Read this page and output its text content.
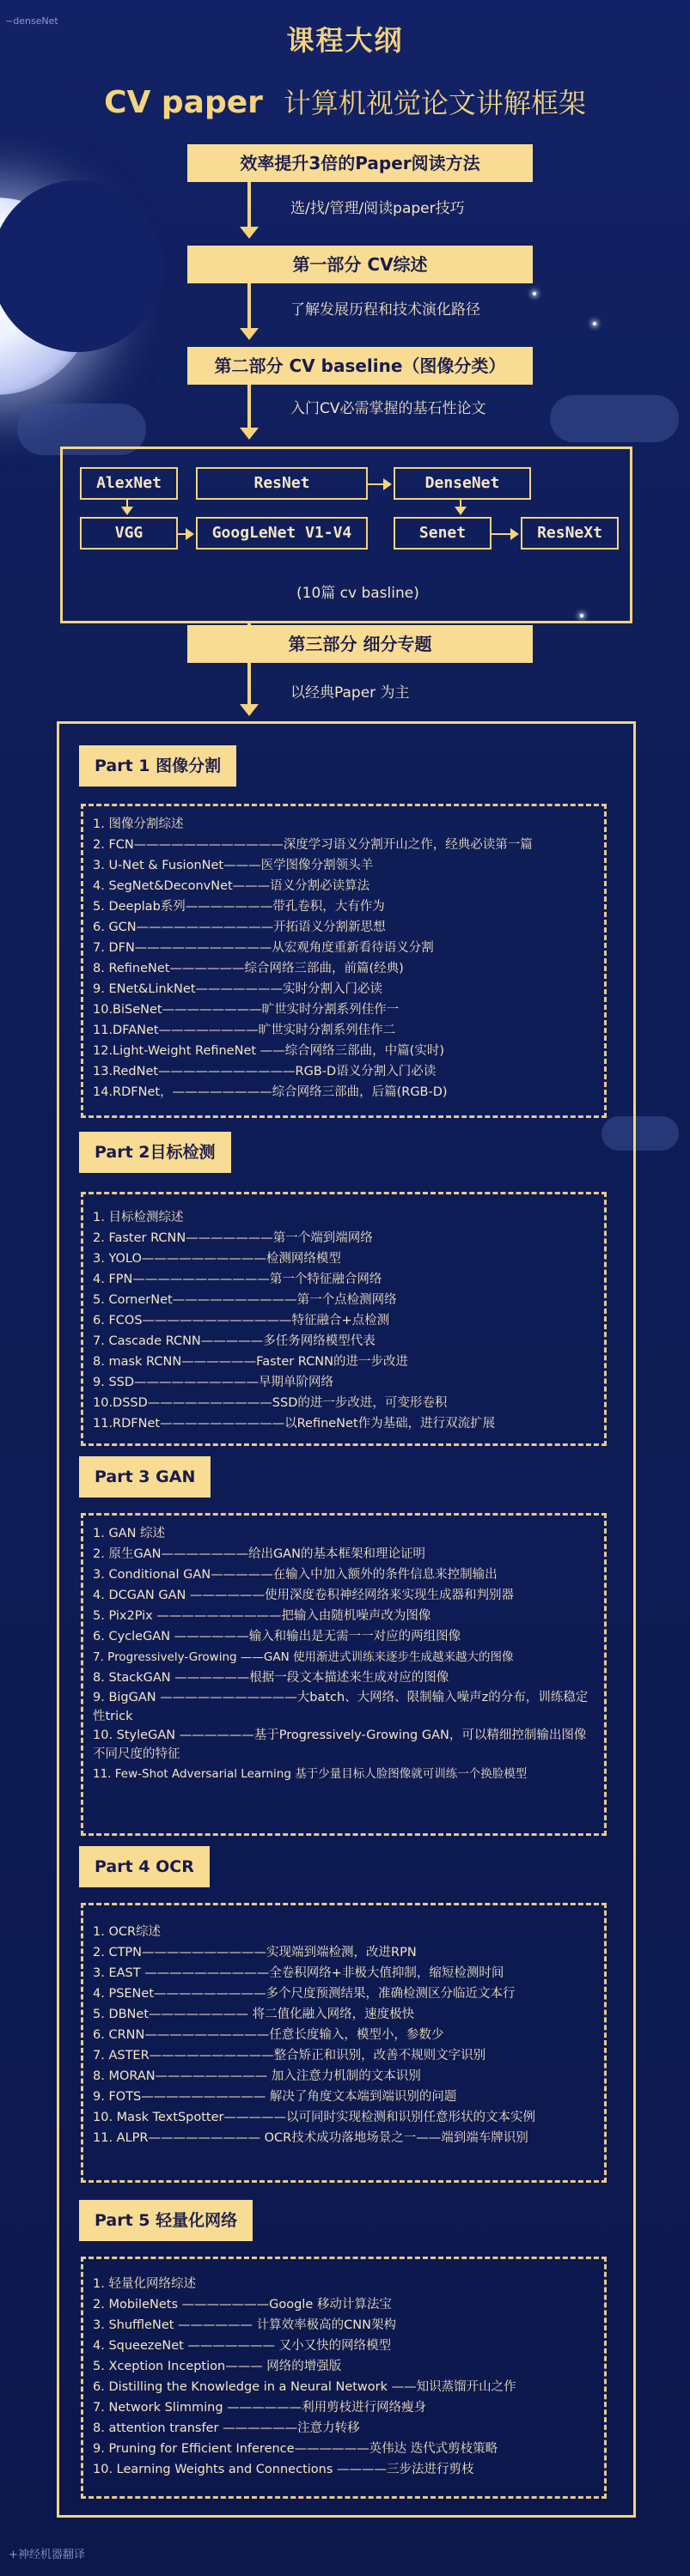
~denseNet
课程大纲
CV paper 计算机视觉论文讲解框架
效率提升3倍的Paper阅读方法
选/找/管理/阅读paper技巧
第一部分 CV综述
了解发展历程和技术演化路径
第二部分 CV baseline（图像分类）
入门CV必需掌握的基石性论文
AlexNet	ResNet	DenseNet
VGG	GoogLeNet V1-V4	Senet	ResNeXt
(10篇 cv basline)
第三部分 细分专题
以经典Paper 为主
Part 1 图像分割
1. 图像分割综述
2. FCN————————————深度学习语义分割开山之作，经典必读第一篇
3. U-Net & FusionNet———医学图像分割领头羊
4. SegNet&DeconvNet———语义分割必读算法
5. Deeplab系列———————带孔卷积，大有作为
6. GCN———————————开拓语义分割新思想
7. DFN———————————从宏观角度重新看待语义分割
8. RefineNet——————综合网络三部曲，前篇(经典)
9. ENet&LinkNet———————实时分割入门必读
10.BiSeNet————————旷世实时分割系列佳作一
11.DFANet————————旷世实时分割系列佳作二
12.Light-Weight RefineNet ——综合网络三部曲，中篇(实时)
13.RedNet———————————RGB-D语义分割入门必读
14.RDFNet，————————综合网络三部曲，后篇(RGB-D)
Part 2目标检测
1. 目标检测综述
2. Faster RCNN———————第一个端到端网络
3. YOLO——————————检测网络模型
4. FPN———————————第一个特征融合网络
5. CornerNet——————————第一个点检测网络
6. FCOS————————————特征融合+点检测
7. Cascade RCNN—————多任务网络模型代表
8. mask RCNN——————Faster RCNN的进一步改进
9. SSD——————————早期单阶网络
10.DSSD——————————SSD的进一步改进，可变形卷积
11.RDFNet——————————以RefineNet作为基础，进行双流扩展
Part 3 GAN
1. GAN 综述
2. 原生GAN———————给出GAN的基本框架和理论证明
3. Conditional GAN—————在输入中加入额外的条件信息来控制输出
4. DCGAN GAN ——————使用深度卷积神经网络来实现生成器和判别器
5. Pix2Pix ——————————把输入由随机噪声改为图像
6. CycleGAN ——————输入和输出是无需一一对应的两组图像
7. Progressively-Growing ——GAN 使用渐进式训练来逐步生成越来越大的图像
8. StackGAN ——————根据一段文本描述来生成对应的图像
9. BigGAN ———————————大batch、大网络、限制输入噪声z的分布，训练稳定性trick
10. StyleGAN ——————基于Progressively-Growing GAN，可以精细控制输出图像不同尺度的特征
11. Few-Shot Adversarial Learning 基于少量目标人脸图像就可训练一个换脸模型
Part 4 OCR
1. OCR综述
2. CTPN——————————实现端到端检测，改进RPN
3. EAST ——————————全卷积网络+非极大值抑制，缩短检测时间
4. PSENet—————————多个尺度预测结果，准确检测区分临近文本行
5. DBNet———————— 将二值化融入网络，速度极快
6. CRNN——————————任意长度输入，模型小，参数少
7. ASTER——————————整合矫正和识别，改善不规则文字识别
8. MORAN————————— 加入注意力机制的文本识别
9. FOTS—————————— 解决了角度文本端到端识别的问题
10. Mask TextSpotter—————以可同时实现检测和识别任意形状的文本实例
11. ALPR————————— OCR技术成功落地场景之一——端到端车牌识别
Part 5 轻量化网络
1. 轻量化网络综述
2. MobileNets ———————Google 移动计算法宝
3. ShuffleNet —————— 计算效率极高的CNN架构
4. SqueezeNet ——————— 又小又快的网络模型
5. Xception Inception——— 网络的增强版
6. Distilling the Knowledge in a Neural Network ——知识蒸馏开山之作
7. Network Slimming ——————利用剪枝进行网络瘦身
8. attention transfer ——————注意力转移
9. Pruning for Efficient Inference——————英伟达 迭代式剪枝策略
10. Learning Weights and Connections ————三步法进行剪枝
+神经机器翻译
